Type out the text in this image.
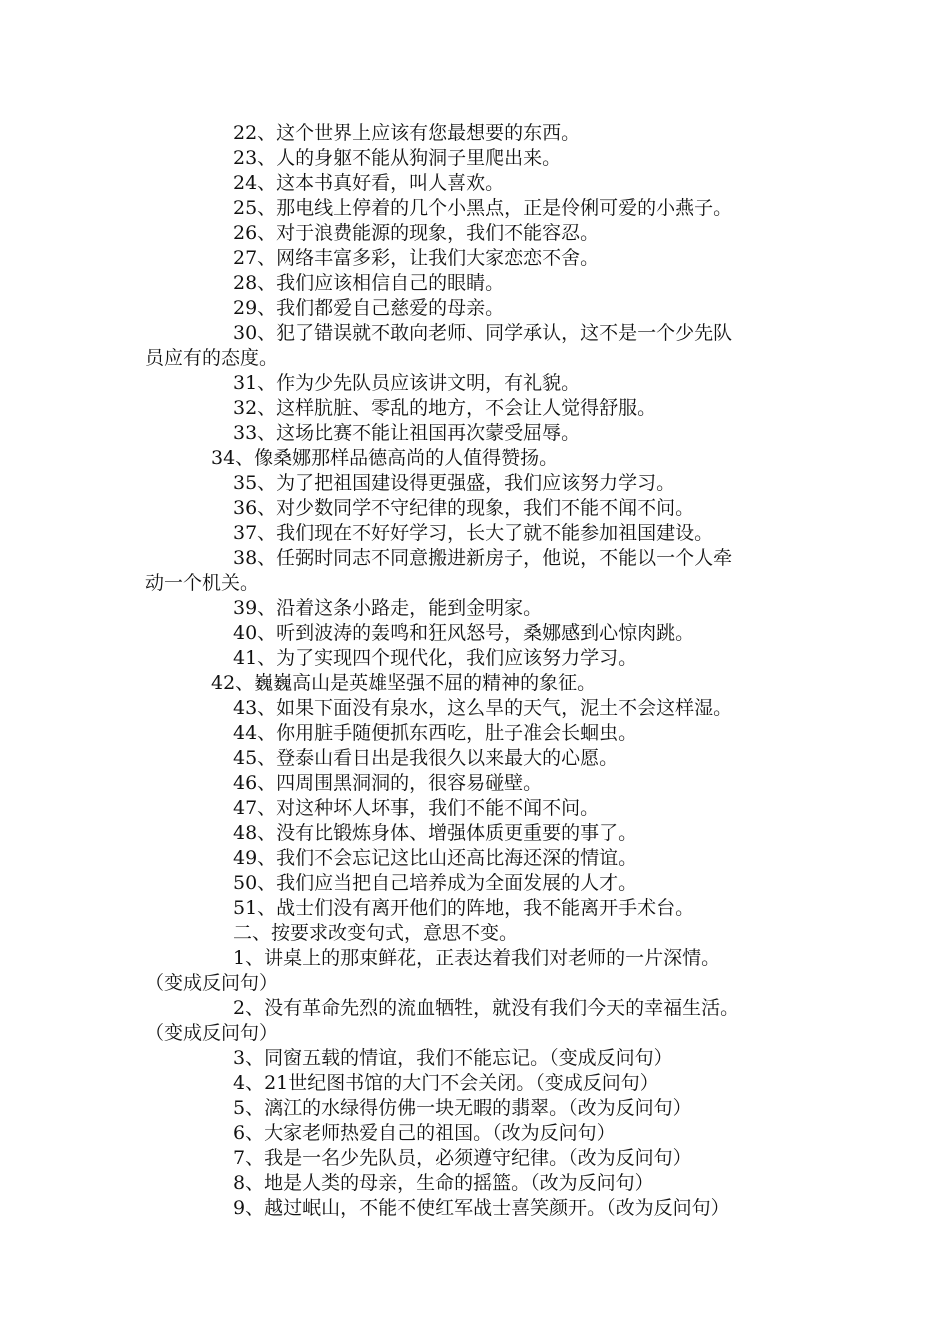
22、这个世界上应该有您最想要的东西。
23、人的身躯不能从狗洞子里爬出来。
24、这本书真好看，叫人喜欢。
25、那电线上停着的几个小黑点，正是伶俐可爱的小燕子。
26、对于浪费能源的现象，我们不能容忍。
27、网络丰富多彩，让我们大家恋恋不舍。
28、我们应该相信自己的眼睛。
29、我们都爱自己慈爱的母亲。
30、犯了错误就不敢向老师、同学承认，这不是一个少先队
员应有的态度。
31、作为少先队员应该讲文明，有礼貌。
32、这样肮脏、零乱的地方，不会让人觉得舒服。
33、这场比赛不能让祖国再次蒙受屈辱。
34、像桑娜那样品德高尚的人值得赞扬。
35、为了把祖国建设得更强盛，我们应该努力学习。
36、对少数同学不守纪律的现象，我们不能不闻不问。
37、我们现在不好好学习，长大了就不能参加祖国建设。
38、任弼时同志不同意搬进新房子，他说，不能以一个人牵
动一个机关。
39、沿着这条小路走，能到金明家。
40、听到波涛的轰鸣和狂风怒号，桑娜感到心惊肉跳。
41、为了实现四个现代化，我们应该努力学习。
42、巍巍高山是英雄坚强不屈的精神的象征。
43、如果下面没有泉水，这么旱的天气，泥土不会这样湿。
44、你用脏手随便抓东西吃，肚子准会长蛔虫。
45、登泰山看日出是我很久以来最大的心愿。
46、四周围黑洞洞的，很容易碰壁。
47、对这种坏人坏事，我们不能不闻不问。
48、没有比锻炼身体、增强体质更重要的事了。
49、我们不会忘记这比山还高比海还深的情谊。
50、我们应当把自己培养成为全面发展的人才。
51、战士们没有离开他们的阵地，我不能离开手术台。
二、按要求改变句式，意思不变。
1、讲桌上的那束鲜花，正表达着我们对老师的一片深情。
（变成反问句）
2、没有革命先烈的流血牺牲，就没有我们今天的幸福生活。
（变成反问句）
3、同窗五载的情谊，我们不能忘记。（变成反问句）
4、21世纪图书馆的大门不会关闭。（变成反问句）
5、漓江的水绿得仿佛一块无暇的翡翠。（改为反问句）
6、大家老师热爱自己的祖国。（改为反问句）
7、我是一名少先队员，必须遵守纪律。（改为反问句）
8、地是人类的母亲，生命的摇篮。（改为反问句）
9、越过岷山，不能不使红军战士喜笑颜开。（改为反问句）
